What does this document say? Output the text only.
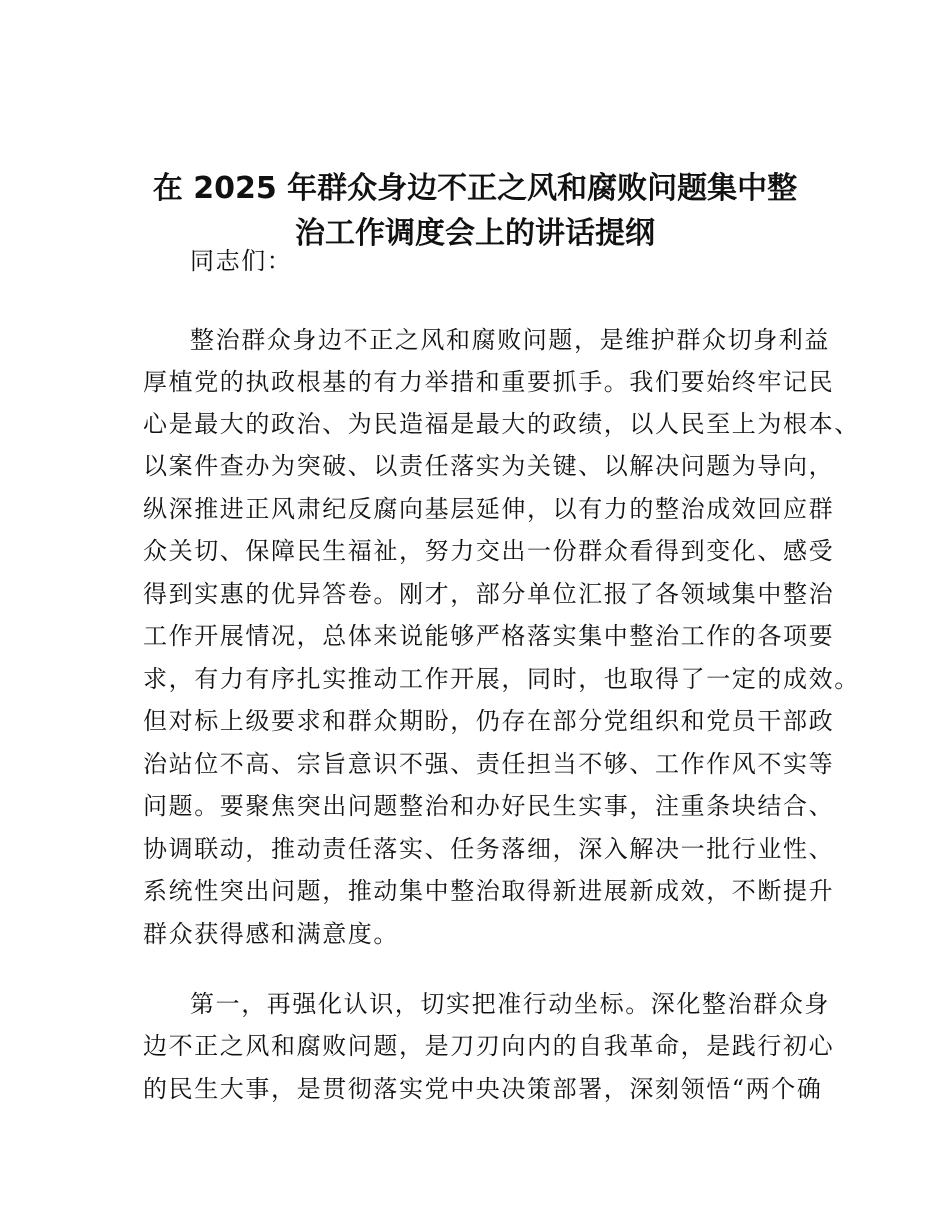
在 2025 年群众身边不正之风和腐败问题集中整
治工作调度会上的讲话提纲
同志们：
整治群众身边不正之风和腐败问题，是维护群众切身利益
厚植党的执政根基的有力举措和重要抓手。我们要始终牢记民
心是最大的政治、为民造福是最大的政绩，以人民至上为根本、
以案件查办为突破、以责任落实为关键、以解决问题为导向，
纵深推进正风肃纪反腐向基层延伸，以有力的整治成效回应群
众关切、保障民生福祉，努力交出一份群众看得到变化、感受
得到实惠的优异答卷。刚才，部分单位汇报了各领域集中整治
工作开展情况，总体来说能够严格落实集中整治工作的各项要
求，有力有序扎实推动工作开展，同时，也取得了一定的成效。
但对标上级要求和群众期盼，仍存在部分党组织和党员干部政
治站位不高、宗旨意识不强、责任担当不够、工作作风不实等
问题。要聚焦突出问题整治和办好民生实事，注重条块结合、
协调联动，推动责任落实、任务落细，深入解决一批行业性、
系统性突出问题，推动集中整治取得新进展新成效，不断提升
群众获得感和满意度。
第一，再强化认识，切实把准行动坐标。深化整治群众身
边不正之风和腐败问题，是刀刃向内的自我革命，是践行初心
的民生大事，是贯彻落实党中央决策部署，深刻领悟“两个确
